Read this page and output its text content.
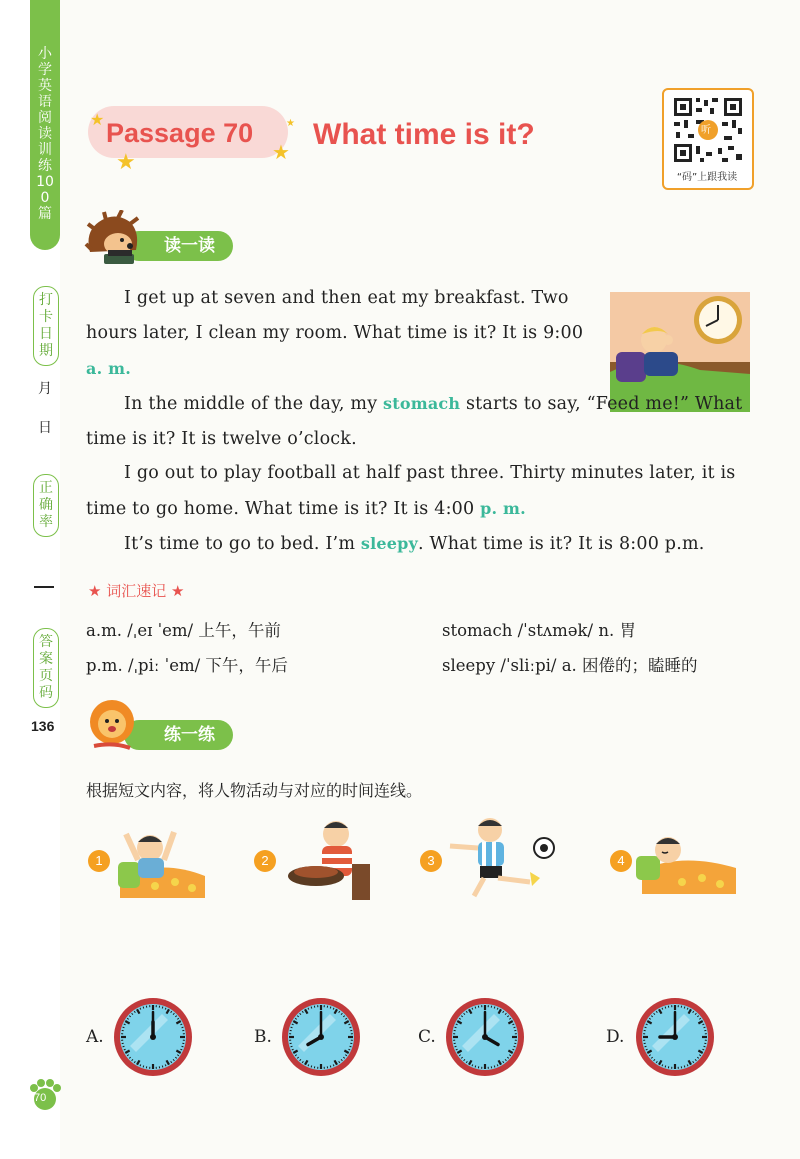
小学英语阅读训练100篇
打卡日期
月
日
正确率
答案页码
136
70
★
★	★
★
Passage 70 What time is it?	听
“码”上跟我读
读一读
I get up at seven and then eat my breakfast. Two hours later, I clean my room. What time is it? It is 9:00 a. m.
In the middle of the day, my stomach starts to say, “Feed me!” What time is it? It is twelve o’clock.
I go out to play football at half past three. Thirty minutes later, it is time to go home. What time is it? It is 4:00 p. m.
It’s time to go to bed. I’m sleepy. What time is it? It is 8:00 p.m.
★ 词汇速记 ★
a.m. /ˌeɪ ˈem/ 上午，午前	stomach /ˈstʌmək/ n. 胃
p.m. /ˌpiː ˈem/ 下午，午后	sleepy /ˈsliːpi/ a. 困倦的；瞌睡的
练一练
根据短文内容，将人物活动与对应的时间连线。
1	2	3	4
A.	B.	C.	D.
